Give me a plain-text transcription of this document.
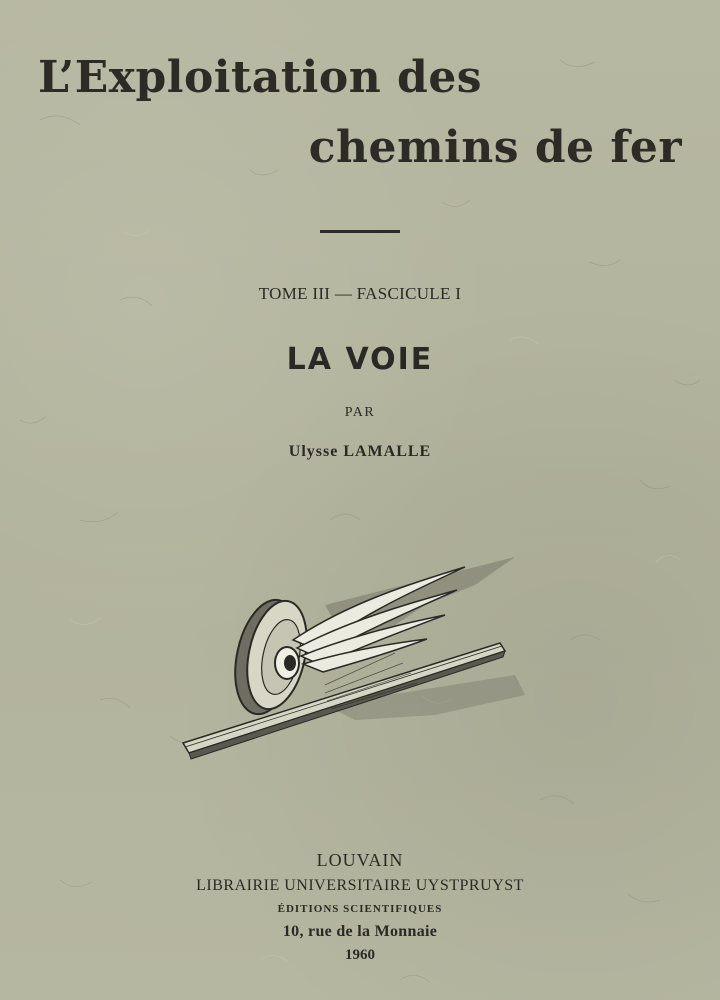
L’Exploitation des
chemins de fer
TOME III — FASCICULE I
LA VOIE
PAR
Ulysse LAMALLE
LOUVAIN
LIBRAIRIE UNIVERSITAIRE UYSTPRUYST
ÉDITIONS SCIENTIFIQUES
10, rue de la Monnaie
1960
